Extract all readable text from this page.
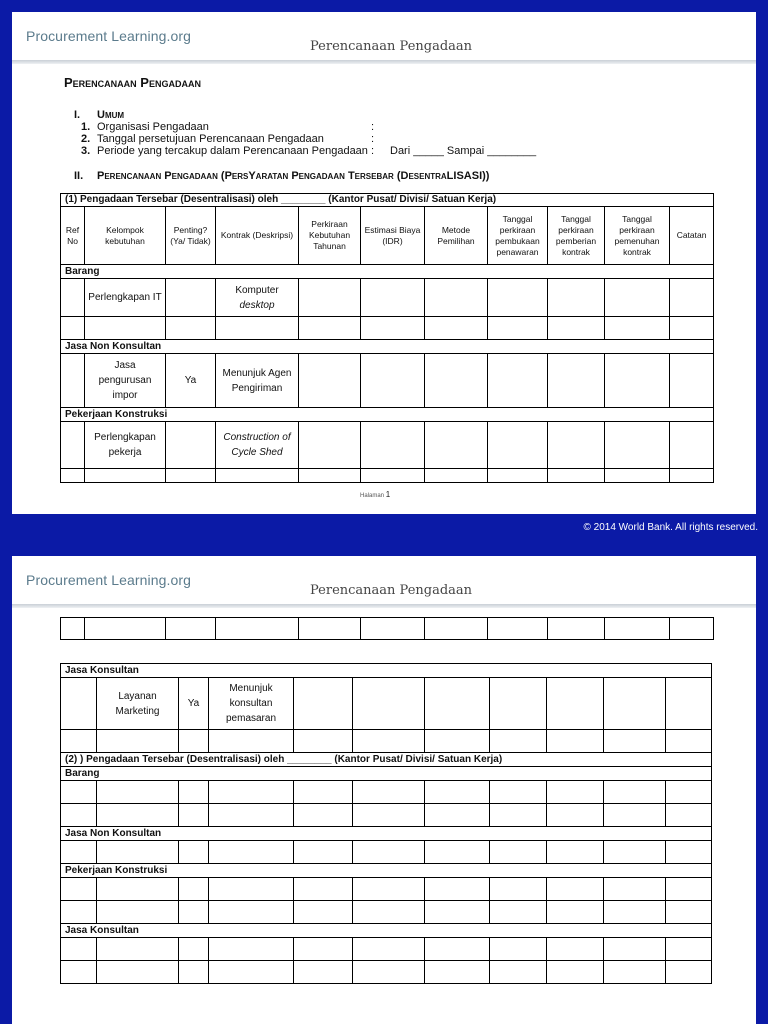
Procurement Learning.org
Perencanaan Pengadaan
Perencanaan Pengadaan
I. Umum
1. Organisasi Pengadaan	:
2. Tanggal persetujuan Perencanaan Pengadaan	:
3. Periode yang tercakup dalam Perencanaan Pengadaan : Dari _____ Sampai ________
II. Perencanaan Pengadaan (PersYaratan Pengadaan Tersebar (DesentraLISASI))
(1) Pengadaan Tersebar (Desentralisasi) oleh ________ (Kantor Pusat/ Divisi/ Satuan Kerja)										
Ref No	Kelompok kebutuhan	Penting? (Ya/ Tidak)	Kontrak (Deskripsi)	Perkiraan Kebutuhan Tahunan	Estimasi Biaya (IDR)	Metode Pemilihan	Tanggal perkiraan pembukaan penawaran	Tanggal perkiraan pemberian kontrak	Tanggal perkiraan pemenuhan kontrak	Catatan
Barang										
	Perlengkapan IT		Komputer
desktop							

Jasa Non Konsultan										
	Jasa pengurusan impor	Ya	Menunjuk Agen Pengiriman							
Pekerjaan Konstruksi										
	Perlengkapan pekerja		Construction of Cycle Shed							

Halaman 1
© 2014 World Bank. All rights reserved.
Procurement Learning.org
Perencanaan Pengadaan

Jasa Konsultan										
	Layanan Marketing	Ya	Menunjuk konsultan pemasaran							

(2) ) Pengadaan Tersebar (Desentralisasi) oleh ________ (Kantor Pusat/ Divisi/ Satuan Kerja)										
Barang										

Jasa Non Konsultan										

Pekerjaan Konstruksi										

Jasa Konsultan										
